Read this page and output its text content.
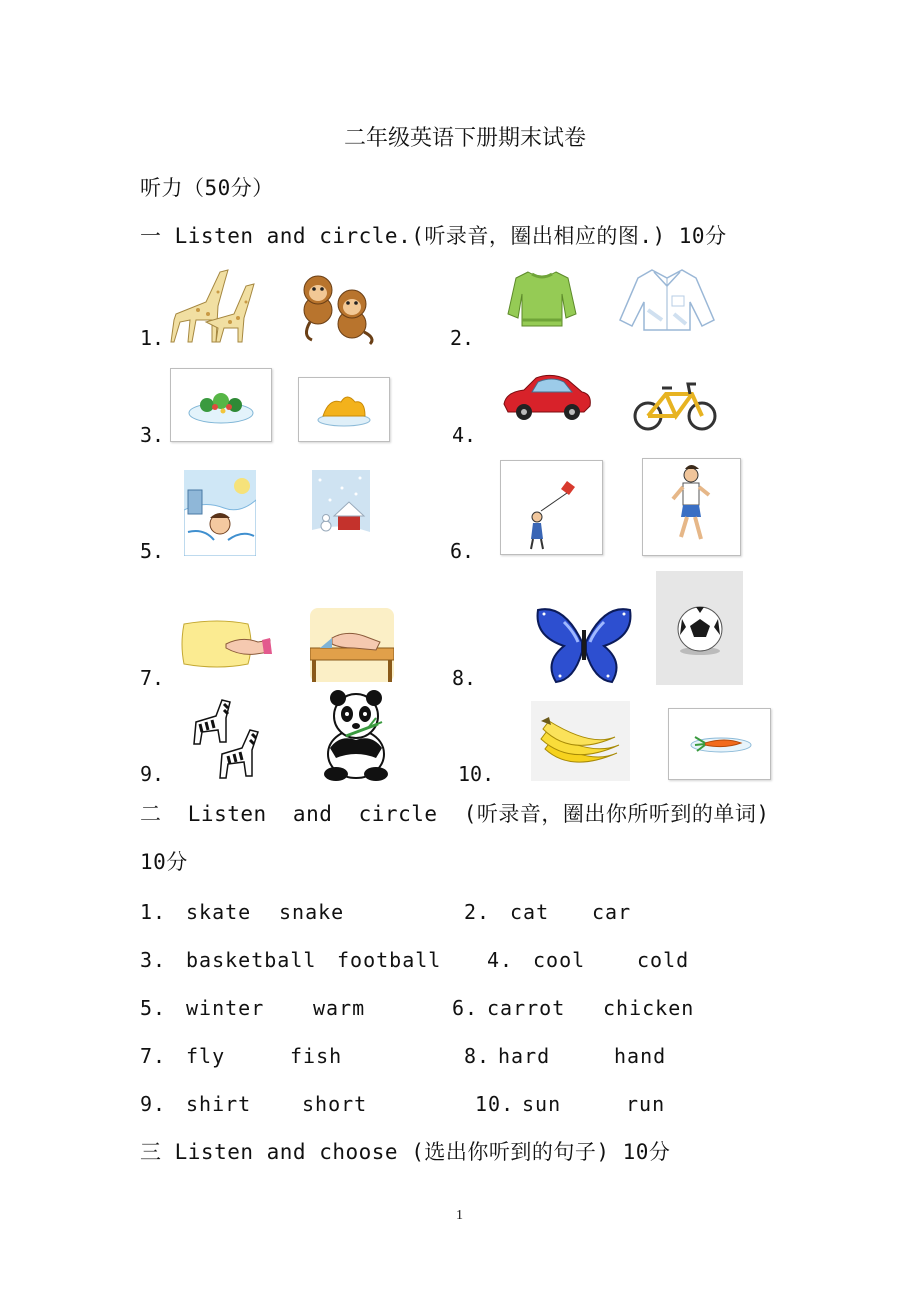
二年级英语下册期末试卷
听力（50分）
一 Listen and circle.(听录音，圈出相应的图.) 10分
1.	2.
3.	4.
5.	6.
7.	8.
9.	10.
二  Listen  and  circle  (听录音，圈出你所听到的单词)
10分
1. skate snake	2. cat car
3. basketball football 4. cool	cold
5. winter warm	6. carrot chicken
7. fly	fish	8. hard	hand
9. shirt	short	10. sun	run
三 Listen and choose (选出你听到的句子) 10分
1
